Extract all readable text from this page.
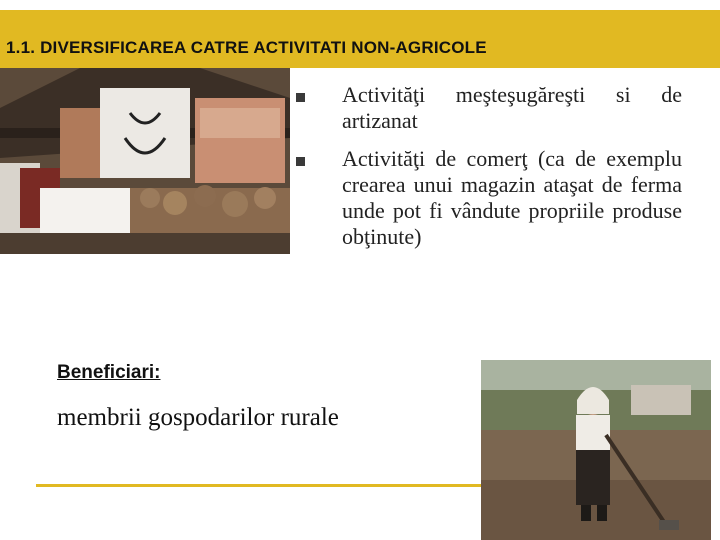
1.1. DIVERSIFICAREA CATRE ACTIVITATI NON-AGRICOLE
Activităţi meşteşugăreşti si de artizanat
Activităţi de comerţ (ca de exemplu crearea unui magazin ataşat de ferma unde pot fi vândute propriile produse obţinute)
Beneficiari:
membrii gospodarilor rurale
